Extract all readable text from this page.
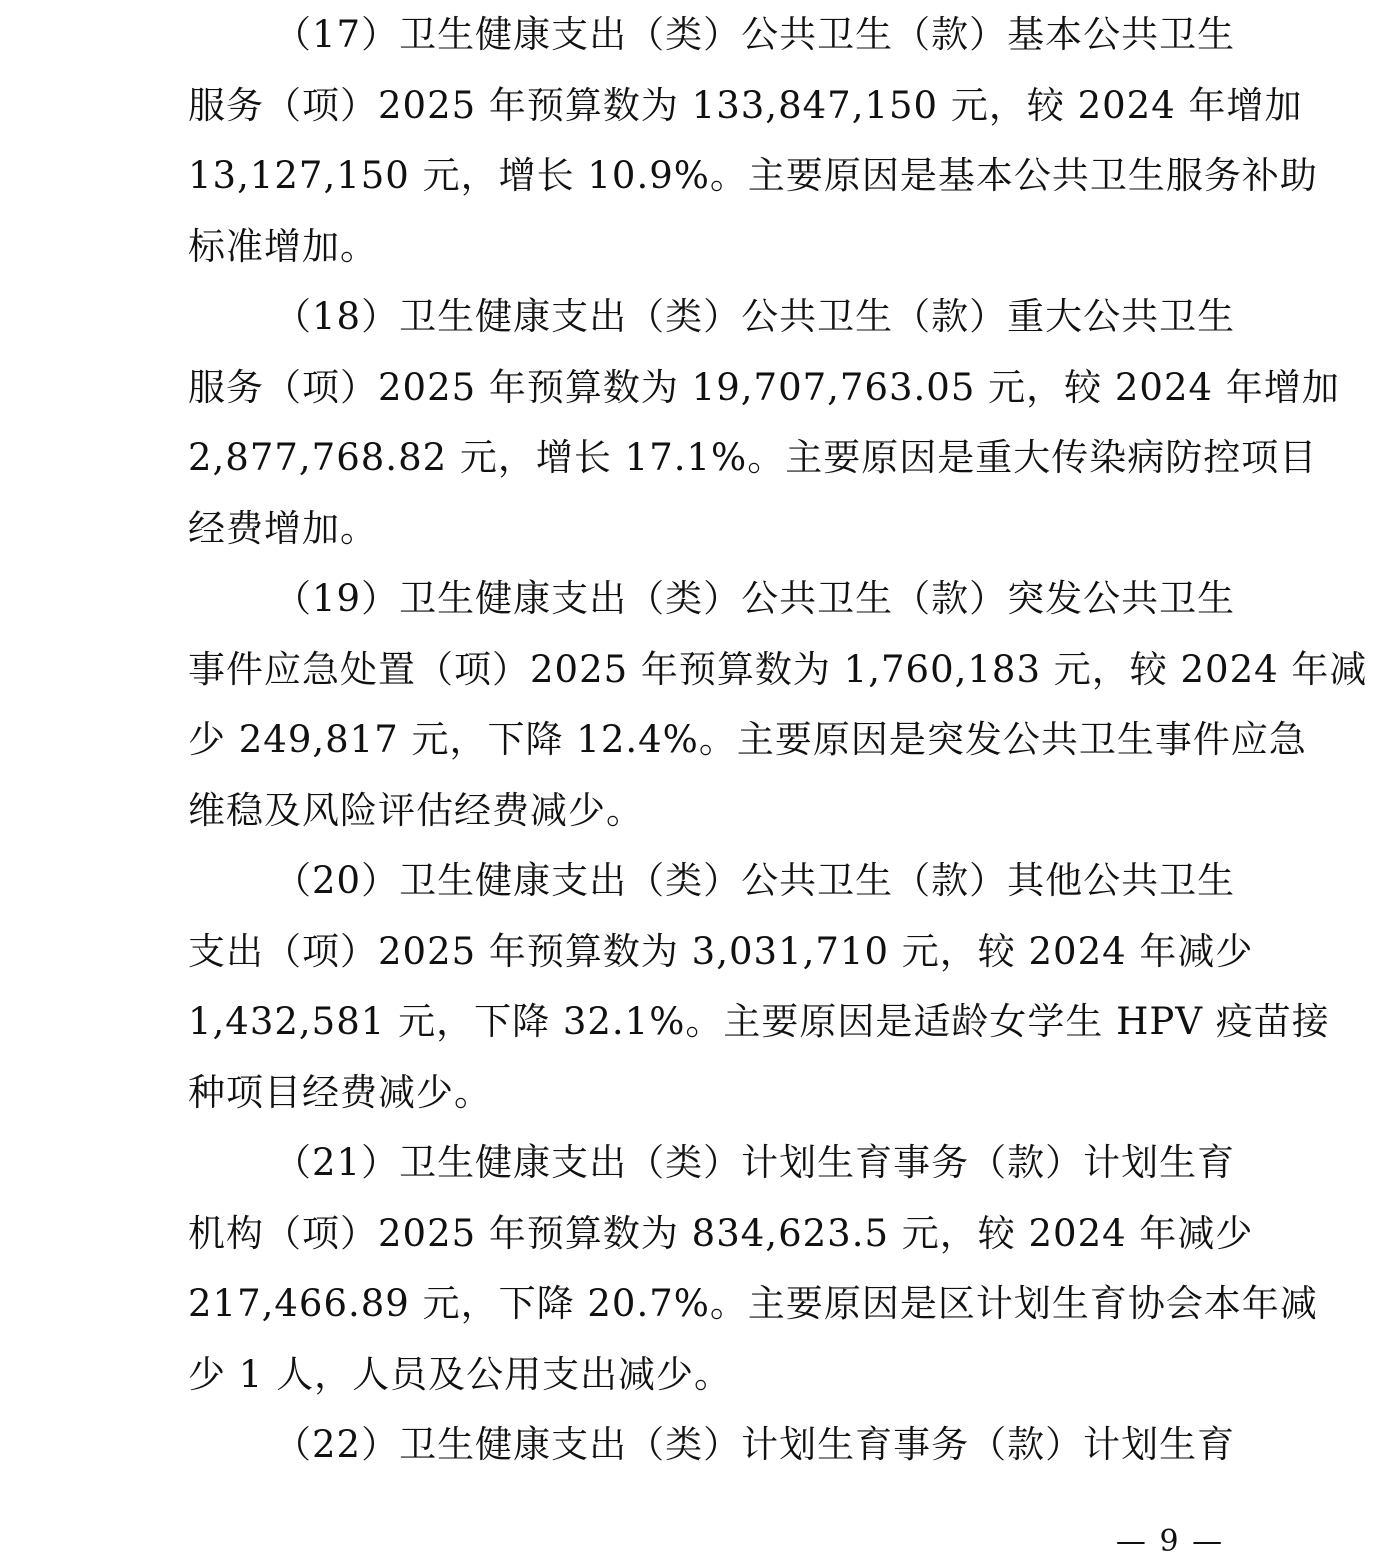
（17）卫生健康支出（类）公共卫生（款）基本公共卫生
服务（项）2025 年预算数为 133,847,150 元，较 2024 年增加
13,127,150 元，增长 10.9%。主要原因是基本公共卫生服务补助
标准增加。
（18）卫生健康支出（类）公共卫生（款）重大公共卫生
服务（项）2025 年预算数为 19,707,763.05 元，较 2024 年增加
2,877,768.82 元，增长 17.1%。主要原因是重大传染病防控项目
经费增加。
（19）卫生健康支出（类）公共卫生（款）突发公共卫生
事件应急处置（项）2025 年预算数为 1,760,183 元，较 2024 年减
少 249,817 元，下降 12.4%。主要原因是突发公共卫生事件应急
维稳及风险评估经费减少。
（20）卫生健康支出（类）公共卫生（款）其他公共卫生
支出（项）2025 年预算数为 3,031,710 元，较 2024 年减少
1,432,581 元，下降 32.1%。主要原因是适龄女学生 HPV 疫苗接
种项目经费减少。
（21）卫生健康支出（类）计划生育事务（款）计划生育
机构（项）2025 年预算数为 834,623.5 元，较 2024 年减少
217,466.89 元，下降 20.7%。主要原因是区计划生育协会本年减
少 1 人，人员及公用支出减少。
（22）卫生健康支出（类）计划生育事务（款）计划生育
— 9 —
